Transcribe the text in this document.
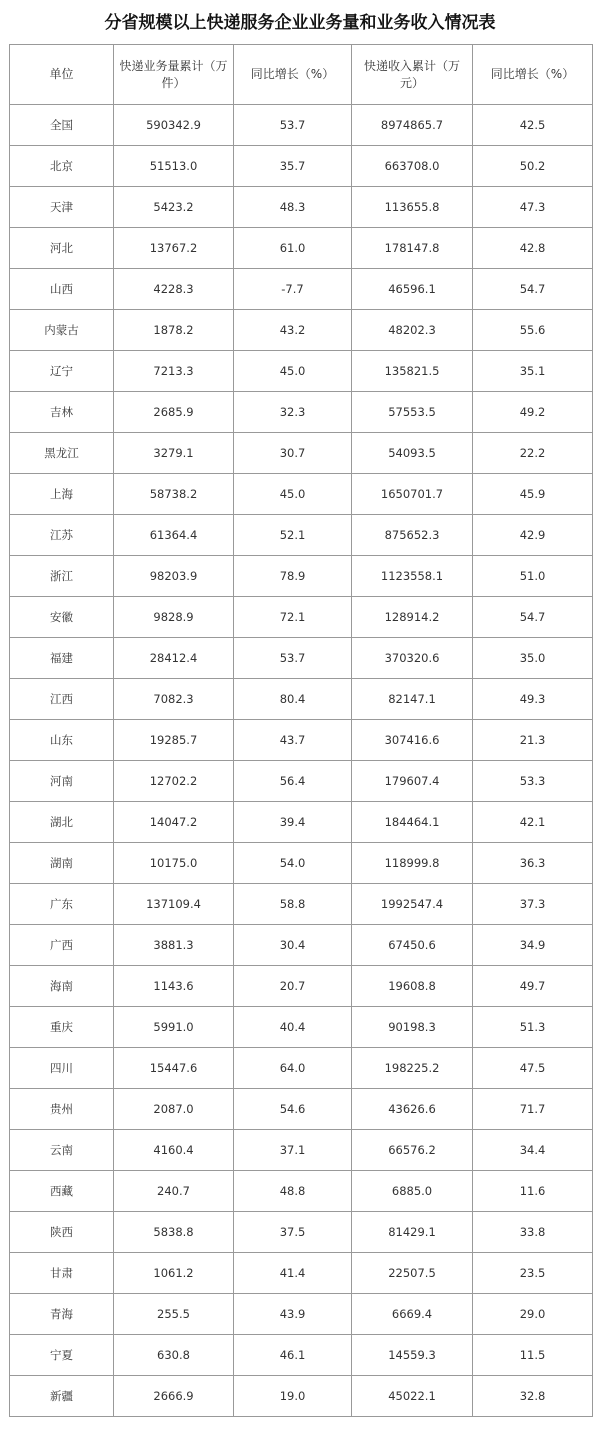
分省规模以上快递服务企业业务量和业务收入情况表
单位	快递业务量累计（万件）	同比增长（%）	快递收入累计（万元）	同比增长（%）
全国	590342.9	53.7	8974865.7	42.5
北京	51513.0	35.7	663708.0	50.2
天津	5423.2	48.3	113655.8	47.3
河北	13767.2	61.0	178147.8	42.8
山西	4228.3	-7.7	46596.1	54.7
内蒙古	1878.2	43.2	48202.3	55.6
辽宁	7213.3	45.0	135821.5	35.1
吉林	2685.9	32.3	57553.5	49.2
黑龙江	3279.1	30.7	54093.5	22.2
上海	58738.2	45.0	1650701.7	45.9
江苏	61364.4	52.1	875652.3	42.9
浙江	98203.9	78.9	1123558.1	51.0
安徽	9828.9	72.1	128914.2	54.7
福建	28412.4	53.7	370320.6	35.0
江西	7082.3	80.4	82147.1	49.3
山东	19285.7	43.7	307416.6	21.3
河南	12702.2	56.4	179607.4	53.3
湖北	14047.2	39.4	184464.1	42.1
湖南	10175.0	54.0	118999.8	36.3
广东	137109.4	58.8	1992547.4	37.3
广西	3881.3	30.4	67450.6	34.9
海南	1143.6	20.7	19608.8	49.7
重庆	5991.0	40.4	90198.3	51.3
四川	15447.6	64.0	198225.2	47.5
贵州	2087.0	54.6	43626.6	71.7
云南	4160.4	37.1	66576.2	34.4
西藏	240.7	48.8	6885.0	11.6
陕西	5838.8	37.5	81429.1	33.8
甘肃	1061.2	41.4	22507.5	23.5
青海	255.5	43.9	6669.4	29.0
宁夏	630.8	46.1	14559.3	11.5
新疆	2666.9	19.0	45022.1	32.8
